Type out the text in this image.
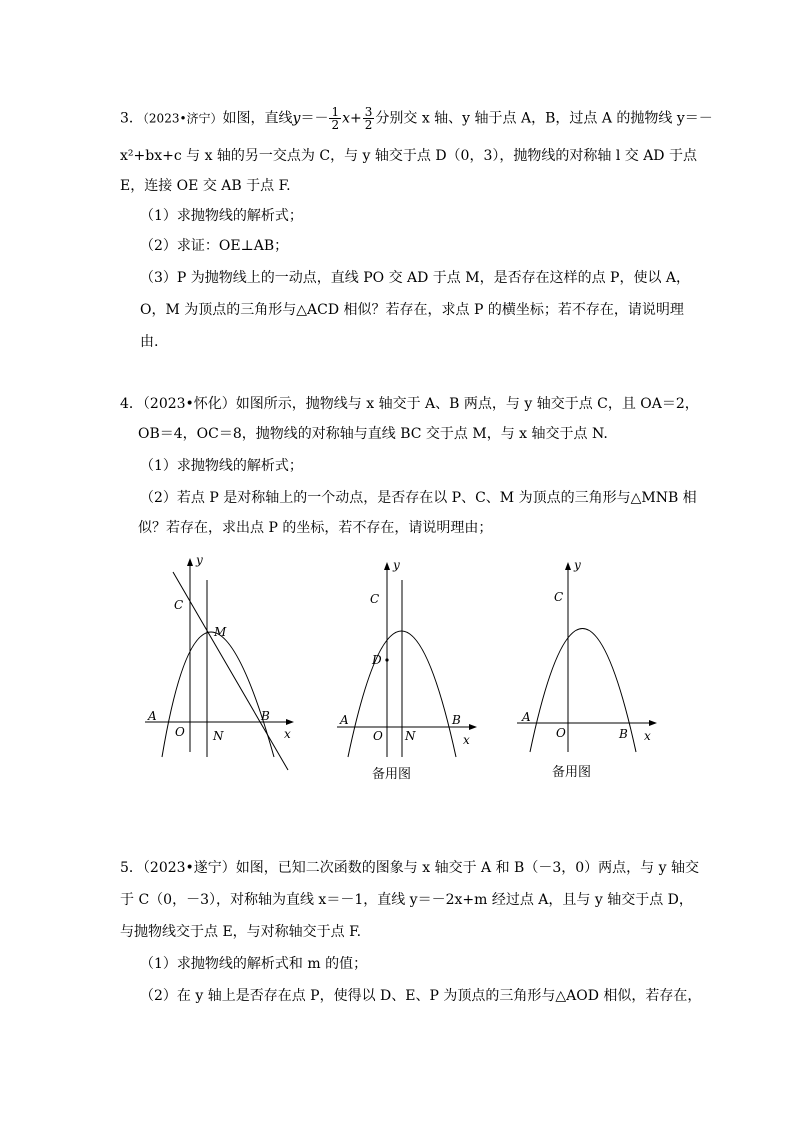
3．（2023•济宁）如图，直线$y=- \frac{1}{2} x+ \frac{3}{2}$ 分别交 x 轴、y 轴于点 A，B，过点 A 的抛物线 y＝－
x²+bx+c 与 x 轴的另一交点为 C，与 y 轴交于点 D（0，3），抛物线的对称轴 l 交 AD 于点
E，连接 OE 交 AB 于点 F.
（1）求抛物线的解析式；
（2）求证：OE⊥AB；
（3）P 为抛物线上的一动点，直线 PO 交 AD 于点 M，是否存在这样的点 P，使以 A，
O，M 为顶点的三角形与△ACD 相似？若存在，求点 P 的横坐标；若不存在，请说明理
由.
4．（2023•怀化）如图所示，抛物线与 x 轴交于 A、B 两点，与 y 轴交于点 C，且 OA＝2，
OB＝4，OC＝8，抛物线的对称轴与直线 BC 交于点 M，与 x 轴交于点 N.
（1）求抛物线的解析式；
（2）若点 P 是对称轴上的一个动点，是否存在以 P、C、M 为顶点的三角形与△MNB 相
似？若存在，求出点 P 的坐标，若不存在，请说明理由；
y
C
M
A	B
O N	x
y
C
D
A	B
O N	x
备用图
y
C
A
O	B x
备用图
5．（2023•遂宁）如图，已知二次函数的图象与 x 轴交于 A 和 B（－3，0）两点，与 y 轴交
于 C（0，－3），对称轴为直线 x＝－1，直线 y＝－2x+m 经过点 A，且与 y 轴交于点 D，
与抛物线交于点 E，与对称轴交于点 F.
（1）求抛物线的解析式和 m 的值；
（2）在 y 轴上是否存在点 P，使得以 D、E、P 为顶点的三角形与△AOD 相似，若存在，
